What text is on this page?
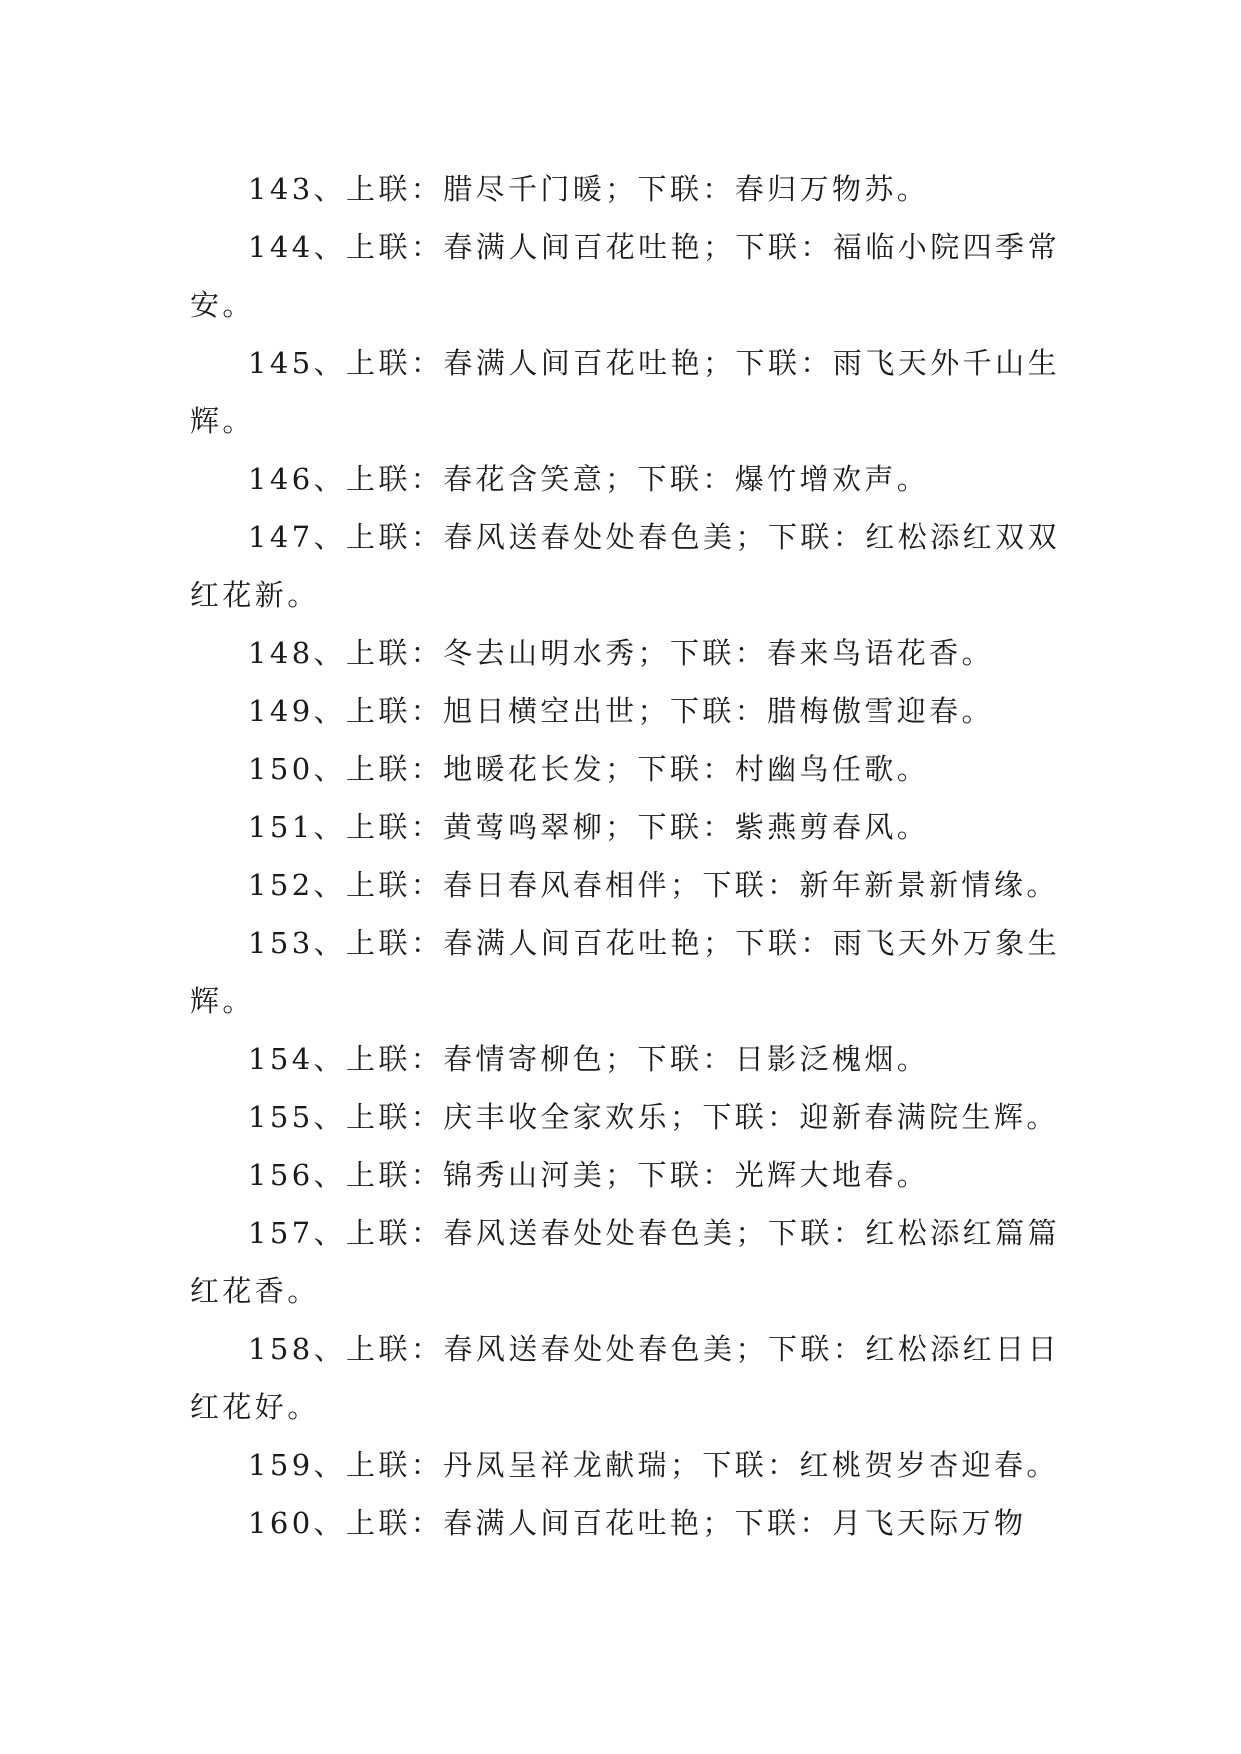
143、上联：腊尽千门暖；下联：春归万物苏。

144、上联：春满人间百花吐艳；下联：福临小院四季常安。

145、上联：春满人间百花吐艳；下联：雨飞天外千山生辉。

146、上联：春花含笑意；下联：爆竹增欢声。

147、上联：春风送春处处春色美；下联：红松添红双双红花新。

148、上联：冬去山明水秀；下联：春来鸟语花香。

149、上联：旭日横空出世；下联：腊梅傲雪迎春。

150、上联：地暖花长发；下联：村幽鸟任歌。

151、上联：黄莺鸣翠柳；下联：紫燕剪春风。

152、上联：春日春风春相伴；下联：新年新景新情缘。

153、上联：春满人间百花吐艳；下联：雨飞天外万象生辉。

154、上联：春情寄柳色；下联：日影泛槐烟。

155、上联：庆丰收全家欢乐；下联：迎新春满院生辉。

156、上联：锦秀山河美；下联：光辉大地春。

157、上联：春风送春处处春色美；下联：红松添红篇篇红花香。

158、上联：春风送春处处春色美；下联：红松添红日日红花好。

159、上联：丹凤呈祥龙献瑞；下联：红桃贺岁杏迎春。

160、上联：春满人间百花吐艳；下联：月飞天际万物
